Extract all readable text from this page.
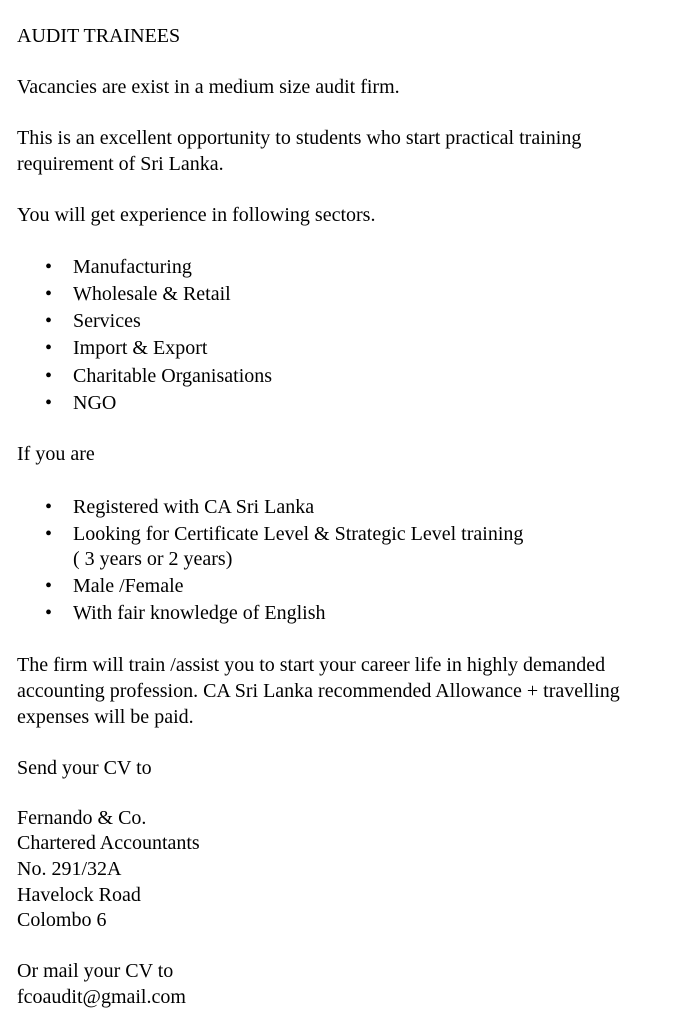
AUDIT TRAINEES
Vacancies are exist in a medium size audit firm.
This is an excellent opportunity to students who start practical training
requirement of Sri Lanka.
You will get experience in following sectors.
•	Manufacturing
•	Wholesale & Retail
•	Services
•	Import & Export
•	Charitable Organisations
•	NGO
If you are
•	Registered with CA Sri Lanka
•	Looking for Certificate Level & Strategic Level training
( 3 years or 2 years)
•	Male /Female
•	With fair knowledge of English
The firm will train /assist you to start your career life in highly demanded
accounting profession. CA Sri Lanka recommended Allowance + travelling
expenses will be paid.
Send your CV to
Fernando & Co.
Chartered Accountants
No. 291/32A
Havelock Road
Colombo 6
Or mail your CV to
fcoaudit@gmail.com
